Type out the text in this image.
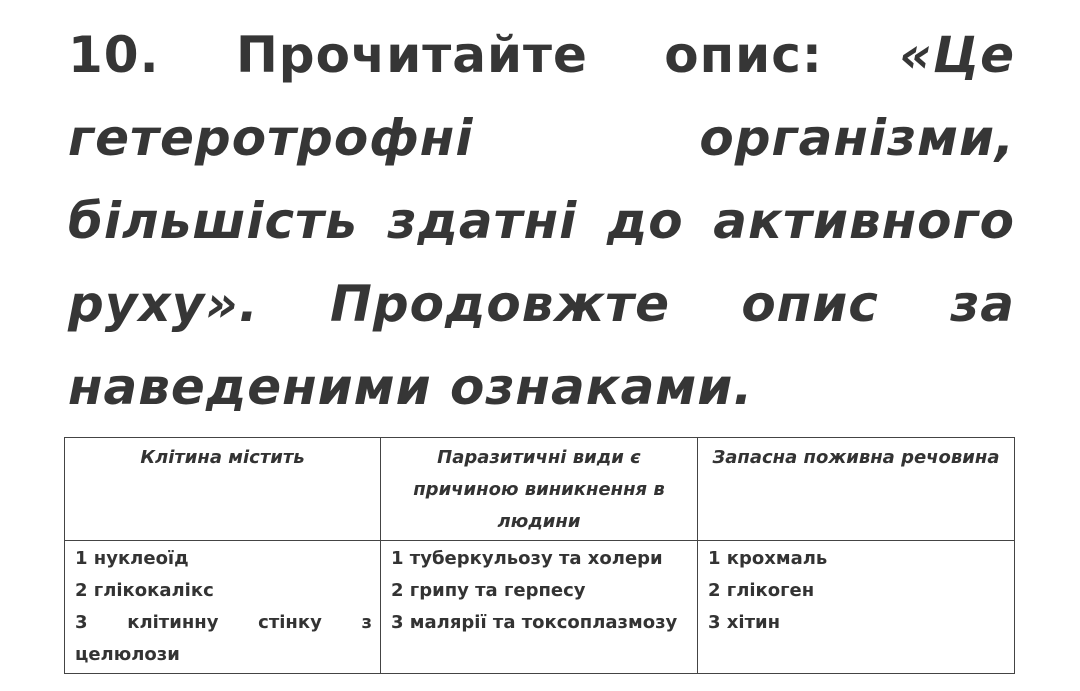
10. Прочитайте опис: «Це гетеротрофні організми, більшість здатні до активного руху». Продовжте опис за наведеними ознаками.

Клітина містить	Паразитичні види є причиною виникнення в людини	Запасна поживна речовина

1 нуклеоїд
2 глікокалікс
3 клітинну стінку з
целюлози	1 туберкульозу та холери
2 грипу та герпесу
3 малярії та токсоплазмозу	1 крохмаль
2 глікоген
3 хітин
